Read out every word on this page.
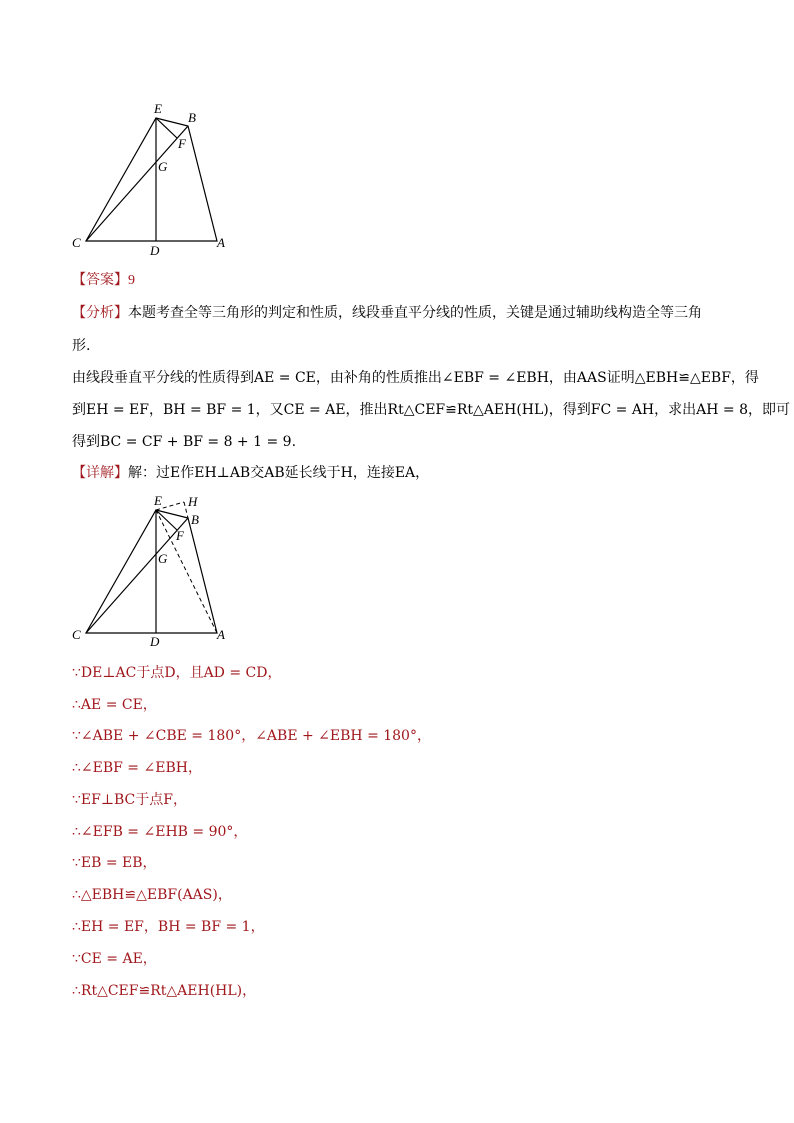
E
B
F
G
C
D
A
【答案】9
【分析】本题考查全等三角形的判定和性质，线段垂直平分线的性质，关键是通过辅助线构造全等三角
形.
由线段垂直平分线的性质得到AE = CE，由补角的性质推出∠EBF = ∠EBH，由AAS证明△EBH≌△EBF，得
到EH = EF，BH = BF = 1，又CE = AE，推出Rt△CEF≌Rt△AEH(HL)，得到FC = AH，求出AH = 8，即可
得到BC = CF + BF = 8 + 1 = 9.
【详解】解：过E作EH⊥AB交AB延长线于H，连接EA，
E H
B
F
G
C	D	A
∵DE⊥AC于点D，且AD = CD，
∴AE = CE，
∵∠ABE + ∠CBE = 180°，∠ABE + ∠EBH = 180°，
∴∠EBF = ∠EBH，
∵EF⊥BC于点F，
∴∠EFB = ∠EHB = 90°，
∵EB = EB，
∴△EBH≌△EBF(AAS)，
∴EH = EF，BH = BF = 1，
∵CE = AE，
∴Rt△CEF≌Rt△AEH(HL)，
